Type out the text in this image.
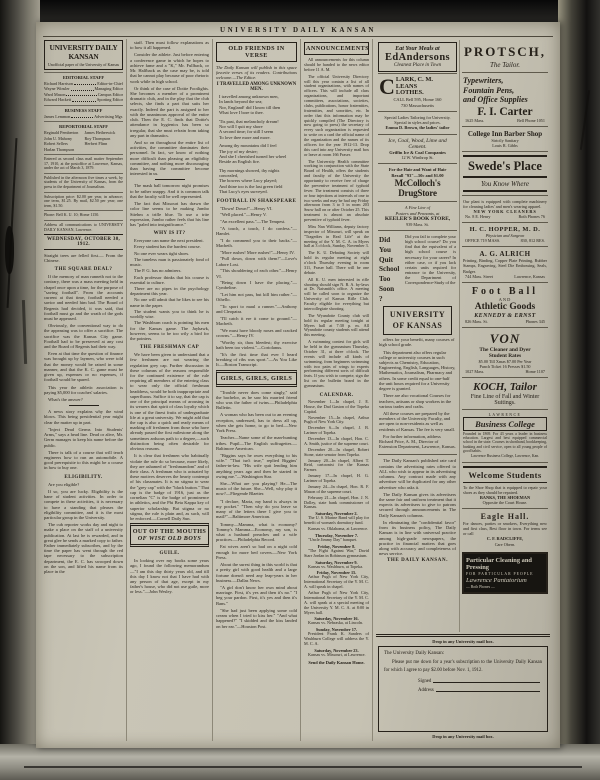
UNIVERSITY DAILY KANSAN
UNIVERSITY DAILY KANSAN
Unofficial paper of the University of Kansas
EDITORIAL STAFF
Richard Harrison	Editor-in-Chief
Wayne Winsler	Managing Editor
Ward Mason	Campus Editor
Edward Hackett	Sporting Editor
BUSINESS STAFF
James Lemmon	Advertising Mgr.
REPORTORIAL STAFF
Reginald Pemberton	James Hetherwick
John U. Mahony	Roy Thompson
Robert Sellers	Herbert Flinn
Harlan Thompson
Entered as second class mail matter September 17, 1910, at the postoffice at Lawrence, Kansas, under the act of March 3, 1879.
Published in the afternoon five times a week, by students of the University of Kansas, from the press in the department of Journalism.
Subscription price: $2.00 per year, in advance; one term, $1.25. By mail, $2.50 per year; one term, $1.50.
Phone: Bell K. U. 10; Home 1150.
Address all communications to UNIVERSITY DAILY KANSAN, Lawrence.
WEDNESDAY, OCTOBER 30, 1912.
Straight trees are felled first.— From the Chinese.
THE SQUARE DEAL?
If the memory of man runneth not to the contrary, there was a mass meeting held in chapel once upon a time, for the purpose of "saving football". From the accounts current at that time, football needed a savior and needed him bad. The Board of Regents had decided, it was said, that football must go and the wrath of the gods must be appeased.
Obviously, the conventional way to do the appeasing was to offer a sacrifice. The sacrifice was the Kansas City game. Football had to be preserved at any cost and the Board of Regents had their way.
Even at that time the question of finance was brought up by laymen, who were told that the money would be raised in some manner, and that the K. C. game must be given up, expenses or no expenses, if football would be spared.
This year the athletic association is paying $5,000 for coaches' salaries.
What's the answer?
A news story explains why the wind blows. This being presidential year might clear the matter up in part.
"Inject Dead Germs Into Students' Arms," says a head line. Dead or alive, Mr. Germ manages to keep his name before the public.
There is talk of a course that will teach engineers how to run an automobile. A good prerequisite to this might be a course in how to buy one.
ELIGIBILITY.
Are you eligible?
If so, you are lucky. Eligibility is the bane of student activities. In order to compete in these activities, it is necessary to have a standing that pleases the eligibility committee, and it is the most particular group in the University.
The cub reporter works day and night to make a place on the staff of a university publication. At last he is rewarded, and in great glee he sends a marked copy to father. Father immediately subscribes, and by the time the paper has went through the red tape necessary to the subscription department, the E. C. has swooped down on the son, and lifted his name from its place in the
staff. Then must follow explanations as to how it all happened.
Consider the athlete. Just before entering a conference game in which he hopes to achieve fame and a "K," Mr. Fullback, or Mr. Halfback as the case may be, is told that he cannot play because of poor rhetoric work while in high school.
Or think of the case of Dottie Footlights. She becomes a member of a prominent dramatic club, and in the play that the club selects, she finds a part that suits her exactly. Indeed the part is assigned to her with the unanimous approval of the entire club. Then the E. C. finds that Dottie's attendance in hygienics has been so irregular, that she must refrain from taking any part in dramatics.
And so on throughout the entire list of activities, the committee dominates their personnel. In fact, we know of nothing more difficult than pleasing an eligibility committee, and nothing more discouraging than having the committee become interested in us.
The mask ball tomorrow night promises to be rather snappy. And it is common talk that the faculty will be well represented.
The fact that Missouri has drawn the color line seems to be making Jumbo Stiehm a trifle blue. To use a trite expression, Jumbo rather feels that his line has "paled into insignificance."
WHY IS IT?
Everyone can name the next president.
Every student has the hardest course.
No one ever wears tight shoes.
The tuneless man is passionately fond of music.
The P. G. has no admirers.
Each professor thinks that his course is essential to culture.
There are no pipes in the psychology department this year.
No one will admit that he likes to see his name in the paper.
The student wants you to think he is worldly wise.
The Washburn coach is pointing his men for the Kansas game. The Jayhawk, however, seems to be too wily a bird for the pointers.
THE FRESHMAN CAP
We have been given to understand that a few freshmen are not wearing the regulation grey cap. Further discussion in these columns of the reasons responsible for the continued existence of the rule requiring all members of the entering class to wear only the official freshman headdress, would be both inappropriate and superfluous. Suffice it to say, that the cap is one of the principal means of arousing in its wearers that spirit of class loyalty which is one of the finest fruits of undergraduate life at a great university. We might add that the cap is also a quick and ready means of marking off freshmen from those who have already passed the first milestone along the sometimes arduous path to a degree,—such distinction being often desirable for obvious reasons.
It is clear that freshmen who habitually violate the rule do so because, more likely, they are ashamed of "freshmandom" and of their class. A freshman who is actuated by these motives deserves the hearty contempt of his classmates. It is no stigma to wear the "grey cap" with the "black button." That cap is the badge of 1916, just as the cornelian "C" is the badge of prominence in athletics, and the Phi Beta Kappa key of superior scholarship. But stigma or no stigma, the rule is plain and, as such, will be enforced.—Cornell Daily Sun.
OUT OF THE MOUTHS
OF WISE OLD BOYS
GUILE.
In looking over my books some years ago, I found the following memorandum—"I am this day thirty years old, and till this day I know not that I have had with any person of that age, except in my father's house, who did not use guile, more or less."—John Wesley.
OLD FRIENDS IN VERSE
The Daily Kansan will publish in this space favorite verses of its readers. Contributions welcome.—The Editor.
I TRAVELLED AMONG UNKNOWN MEN.
I travelled among unknown men,
In lands beyond the sea;
Nor, England! did I know till then
What love I bore to thee.
'Tis past, that melancholy dream!
Nor will I quit my shore
A second time; for still I seem
To love thee more and more.
Among thy mountains did I feel
The joy of my desire;
And she I cherished turned her wheel
Beside an English fire.
Thy mornings showed, thy nights concealed,
The bowers where Lucy played;
And thine too is the last green field
That Lucy's eyes surveyed.
FOOTBALL IN SHAKSPEARE
"Down! Down!"—Henry VI.
"Well placed."—Henry V.
"An excellent pass."—The Tempest.
"A touch, a touch, I do confess."—Hamlet.
"I do commend you to their backs."—Macbeth.
"More rushes! More rushes!"—Henry IV.
"Pull down, down with them!"—Love's Labore Lost.
"This shouldering of each other."—Henry VI.
"Being down I have the placing."—Cymbeline.
"Let him not pass, but kill him rather."—Othello.
"To sport to maul a runner."—Anthony and Cleopatra.
"I'll catch it ere it come to ground."—Macbeth.
"We must have bloody noses and cracked crowns."—Henry IV.
"Worthy sir, thou bleedest; thy exercise hath been too violent."—Coriolanus.
"It's the first time that ever I heard breaking of ribs was sport."—As You Like It.—Boston Transcript.
GIRLS, GIRLS, GIRLS
"Trouble never does come singly," said the bachelor, as he saw his married friend who was the father of twins.—Philadelphia Bulletin.
A woman who has been out to an evening reception, undressed, has to dress all up, when she gets home, to go to bed.—New York Press.
Teacher—Name some of the man-hunting tribes. Pupil—The English suffragettes.—Baltimore American.
"Biggins says he owes everything to his wife." "That isn't true," replied Biggins' father-in-law. "His wife quit lending him anything years ago and then he started in owing me."—Washington Star.
She—What are you playing? He—The music of the future. She—Well, why play it now?—Fliegende Blaetter.
"I declare, Maria, my hand is always in my pocket." "Then why do you leave so many of the letters there I give you to mail?"—Baltimore American.
Tommy—Mamma, what is economy? Tommy's Mamma—Economy, my son, is what a husband preaches and a wife practices.—Philadelphia Record.
Fat wives aren't so bad on a night cold enough for more bed covers.—New York Press.
About the surest thing in this world is that a pretty girl with good health and a large fortune doesn't need any leap-years in her business.—Dallas News.
"A girl don't know her own mind about marriage. First, it's yes and then it's no." "I beg your pardon. First, it's yes and then it's Bans."
"She had just been applying some cold cream when I tried to kiss her." "And what happened?" "I skidded and the kiss landed on her ear."—Houston Post.
ANNOUNCEMENTS
All announcements for this column should be handed to the news editor before 11 A. M.
The official University Directory will this year contain a list of all student organizations, with names of officers. This will include all class organizations, and important committees, associations, societies, clubs, publications, honor fraternities, fraternities, and sororities, etc. In order that this information may be quickly compiled (The Directory is now going to press) the secretary of every such organization is requested to write on a card the official name of the organization and the names of its officers for the year 1912-13. Drop this card into any University mail box or leave at room 166 Fraser.
The University Health committee working in conjunction with the State Board of Health, offers the students and faculty of the University the opportunity to receive free of charge the preventive treatment of typhoid fever. The treatment consists of three or four injections at intervals of one to two weeks and may be had any Friday afternoon from 3 to 5 in room 203 Snow hall on or after October 25. This treatment is almost an absolute preventive of typhoid fever.
Miss Nan Williams, deputy factory inspector of Missouri, will speak on "Tragedies in Real Life" at the meeting of the Y. M. C. A. in Myers hall at 3 o'clock, Sunday, November 3.
The K. U. Debating Society will hold its regular meeting at eight o'clock Thursday evening in room 311, Fraser hall. There will be one debate.
All K. U. men interested in rifle shooting should sign N. R. A. by-laws at Dr. Naismith's office. A meeting will be called soon to organize the University of Kansas Rifle Club. Faculty eligible for everything but intercollegiate shooting.
The Wyandotte County club will hold its regular meeting tonight at Myers hall at 7:30 p. m. All Wyandotte county students will attend this meeting.
A swimming contest for girls will be held in the gymnasium Thursday, October 31, at three o'clock. The events will include all kinds of swimming, from beginners swimming with two pairs of wings to experts performing different sorts of difficult feats. If you wish to compete, sign the list on the bulletin board in the gymnasium.
CALENDAR.
November 1—In chapel, J. E. House, the Dad Gaston of the Topeka Capital.
November 15—In chapel, Arthur Pugh of New York City.
December 6—In chapel, J. B. Larimer of Topeka.
December 13—In chapel, Hon. C. A. Smith, justice of the supreme court.
December 20—In chapel, Robert Stone, state senator from Topeka.
January 20—In chapel, Albert T. Reid, cartoonist for the Kansas Farmer.
January 17—In chapel, H. G. Larimer of Topeka.
January 24—In chapel, Hon. R. F. Mason of the supreme court.
February 21—In chapel, Hon. J. N. Dolley, state bank commissioner of Kansas.
Saturday, November 2.
The U. S. Marine Band will play for benefit of woman's dormitory fund.
Kansas vs. Oklahoma, at Lawrence.
Thursday, November 7.
"Uncle Jimmy Day" banquet.
Friday, November 8.
"The Fight Against War," David Starr Jordan in Robinson gymnasium.
Saturday, November 9.
Kansas vs. Washburn, at Topeka.
Friday, November 15.
Arthur Pugh of New York City, International Secretary of the Y. M. C. A. will speak in chapel.
Arthur Pugh of New York City, International Secretary of the Y. M. C. A. will speak at a special meeting of the University Y. M. C. A. at 8:00 in Myers hall.
Saturday, November 16.
Kansas vs. Nebraska, at Lincoln.
Sunday, November 17.
President Frank K. Sanders of Washburn College will address the Y. M. C. A.
Saturday, November 23.
Kansas vs. Missouri, at Lawrence.
Send the Daily Kansan Home.
Eat Your Meals at
EdAndersons
Cleanest Place in Town
C LARK, C. M.
LEANS
LOTHES.
CALL Bell 595, Home 160
730 Massachusetts
Special Ladies Tailoring for University. Special in styles and prices.
Emma D. Brown, the ladies' tailor
Ice, Coal, Wood, Lime and Cement.
Griffin Ice & Coal Companies
12 W. Winthrop St.
For the Hair and Want of Hair
Rexall "93"—50c and $1.00
McColloch's DrugStore
A Fine Line of
Posters and Pennants, at
KEELER'S BOOK STORE,
939 Mass. St.
Did
You
Quit
School
Too
Soon
?
Did you fail to complete your high school course? Do you find that the equivalent of a high school course is necessary for your career? In either case, or if you lack certain units required for entrance to the University, the Department of Correspondence-Study of the
UNIVERSITY OF KANSAS
offers for your benefit, many courses of high school grade.
This department also offers regular college or university courses in such subjects as Chemistry, Education, Engineering, English, Languages, History, Mathematics, Journalism, Pharmacy and others. In some credit equal to one-half the unit hours required for a University degree is granted.
There are also vocational Courses for teachers, artisans or shop workers in the various trades and crafts.
All these courses are prepared by the members of the University Faculty, and are open to non-residents as well as residents of Kansas. The fee is very small.
For further information, address Richard Price, A. M., Director of Extension Department, Lawrence, Kansas.
The Daily Kansan's published rate card contains the advertising rates offered to ALL who wish to appear in its advertising columns. Any contract made with any advertiser will be duplicated for any other advertiser who asks it.
The Daily Kansan gives its advertisers the same fair and uniform treatment that it expects its advertisers to give to patrons secured through announcements in The Daily Kansan's columns.
In eliminating the "confidential favor" from its business policy, The Daily Kansan is in line with universal practice among high-grade newspapers, the practice in financial matters that goes along with accuracy and completeness of news service.
THE DAILY KANSAN.
PROTSCH,
The Tailor.
Typewriters,
Fountain Pens,
and Office Supplies
F. I. Carter
1625 Mass.	Bell Phone 1051
College Inn Barber Shop
Strictly Sanitary
Louis R. Gibbs
Swede's Place
You Know Where
Our plant is equipped with complete machinery for cleaning ladies' and men's wearing apparel.
NEW YORK CLEANERS
No. 8 E. Henry	Both Phones 76
H. C. HOPPER, M. D.
Physician and Surgeon
OFFICE 719 MASS.	830, 812 RES.
A. G. ALRICH
Printing, Binding, Copper Plate Printing, Rubber Stamps, Engraving, Steel Die Embossing, Seals, Badges
744 Mass. Street	Lawrence, Kansas
Foot Ball
AND
Athletic Goods
KENNEDY & ERNST
826 Mass. St.	Phones 345
VON
The Cleaner and Dyer
Student Rates
$5.00 Till Xmas $7.00 Per Year
Punch Ticket 16 Presses $1.50
1027 Mass.	Home 1107
KOCH, Tailor
Fine Line of Fall and Winter Suitings.
LAWRENCE
Business College
Founded in 1869. For 43 years a leader in business education. Largest and best equipped commercial school in the state. Courses in shorthand, bookkeeping, banking and civil service, open to all young people of good habits.
Lawrence Business College, Lawrence, Kan.
Welcome Students
To the Shoe Shop that is equipped to repair your shoes as they should be repaired.
BANKS, THE SHOEMAN
Opposite the Court House.
Eagle Hall.
For dances, parties or smokers, Everything new and first class, Best floor in town. For terms see or call
C. F. RADCLIFFE,
Care Obern.
Particular Cleaning and Pressing
FOR PARTICULAR PEOPLE
Lawrence Pantatorium
— Both Phones —
Drop in any University mail box.
The University Daily Kansan:
Please put me down for a year's subscription to the University Daily Kansan for which I agree to pay $2.00 before Nov. 1, 1912.
Signed
Address
Drop in any University mail box.
